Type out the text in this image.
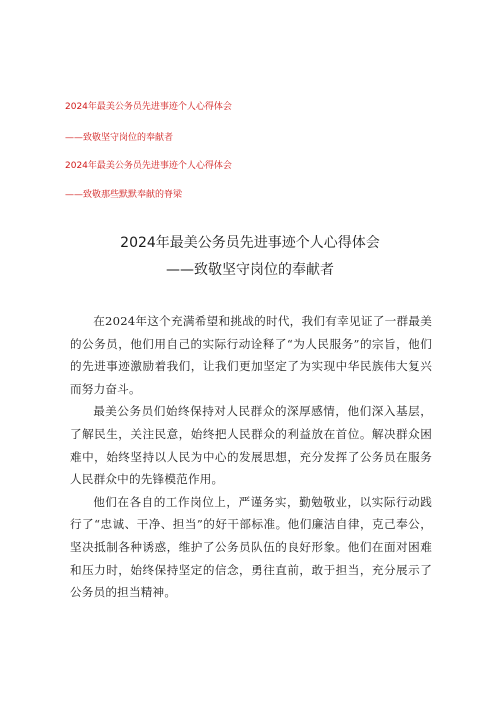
2024年最美公务员先进事迹个人心得体会
——致敬坚守岗位的奉献者
2024年最美公务员先进事迹个人心得体会
——致敬那些默默奉献的脊梁
2024年最美公务员先进事迹个人心得体会
——致敬坚守岗位的奉献者

在2024年这个充满希望和挑战的时代，我们有幸见证了一群最美的公务员，他们用自己的实际行动诠释了“为人民服务”的宗旨，他们的先进事迹激励着我们，让我们更加坚定了为实现中华民族伟大复兴而努力奋斗。

最美公务员们始终保持对人民群众的深厚感情，他们深入基层，了解民生，关注民意，始终把人民群众的利益放在首位。解决群众困难中，始终坚持以人民为中心的发展思想，充分发挥了公务员在服务人民群众中的先锋模范作用。

他们在各自的工作岗位上，严谨务实，勤勉敬业，以实际行动践行了“忠诚、干净、担当”的好干部标准。他们廉洁自律，克己奉公，坚决抵制各种诱惑，维护了公务员队伍的良好形象。他们在面对困难和压力时，始终保持坚定的信念，勇往直前，敢于担当，充分展示了公务员的担当精神。
